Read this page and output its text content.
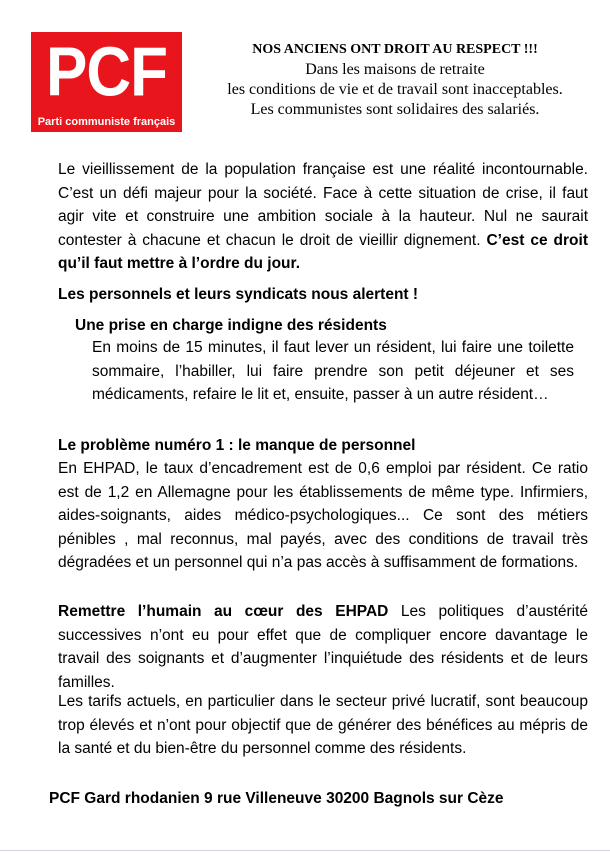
PCF
Parti communiste français
NOS ANCIENS ONT DROIT AU RESPECT !!!
Dans les maisons de retraite
les conditions de vie et de travail sont inacceptables.
Les communistes sont solidaires des salariés.

Le vieillissement de la population française est une réalité incontournable. C’est un défi majeur pour la société. Face à cette situation de crise, il faut agir vite et construire une ambition sociale à la hauteur. Nul ne saurait contester à chacune et chacun le droit de vieillir dignement. C’est ce droit qu’il faut mettre à l’ordre du jour.

Les personnels et leurs syndicats nous alertent !

Une prise en charge indigne des résidents

En moins de 15 minutes, il faut lever un résident, lui faire une toilette sommaire, l’habiller, lui faire prendre son petit déjeuner et ses médicaments, refaire le lit et, ensuite, passer à un autre résident…

Le problème numéro 1 : le manque de personnel

En EHPAD, le taux d’encadrement est de 0,6 emploi par résident. Ce ratio est de 1,2 en Allemagne pour les établissements de même type. Infirmiers, aides-soignants, aides médico-psychologiques... Ce sont des métiers pénibles , mal reconnus, mal payés, avec des conditions de travail très dégradées et un personnel qui n’a pas accès à suffisamment de formations.

Remettre l’humain au cœur des EHPAD Les politiques d’austérité successives n’ont eu pour effet que de compliquer encore davantage le travail des soignants et d’augmenter l’inquiétude des résidents et de leurs familles.

Les tarifs actuels, en particulier dans le secteur privé lucratif, sont beaucoup trop élevés et n’ont pour objectif que de générer des bénéfices au mépris de la santé et du bien-être du personnel comme des résidents.

PCF Gard rhodanien 9 rue Villeneuve 30200 Bagnols sur Cèze
